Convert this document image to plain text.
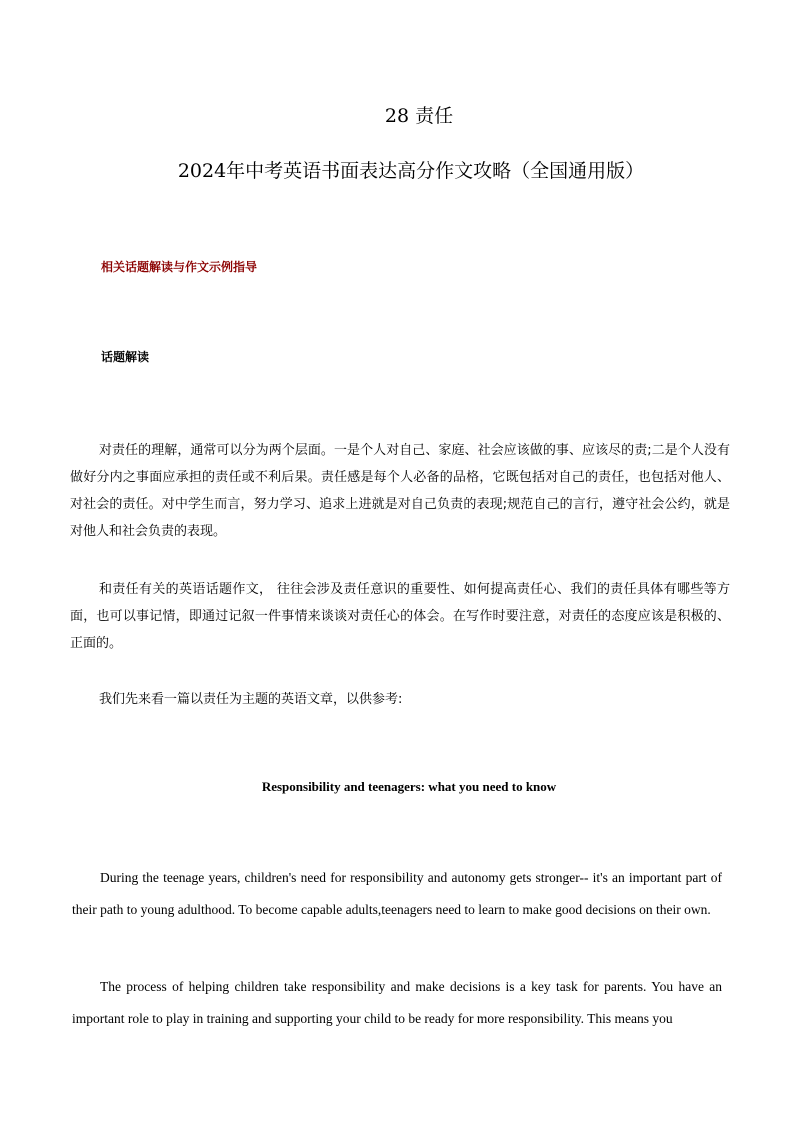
28 责任
2024年中考英语书面表达高分作文攻略（全国通用版）
相关话题解读与作文示例指导
话题解读

对责任的理解，通常可以分为两个层面。一是个人对自己、家庭、社会应该做的事、应该尽的责;二是个人没有做好分内之事面应承担的责任或不利后果。责任感是每个人必备的品格，它既包括对自己的责任，也包括对他人、对社会的责任。对中学生而言，努力学习、追求上进就是对自己负责的表现;规范自己的言行，遵守社会公约，就是对他人和社会负责的表现。

和责任有关的英语话题作文， 往往会涉及责任意识的重要性、如何提高责任心、我们的责任具体有哪些等方面，也可以事记情，即通过记叙一件事情来谈谈对责任心的体会。在写作时要注意，对责任的态度应该是积极的、正面的。

我们先来看一篇以责任为主题的英语文章，以供参考:

Responsibility and teenagers: what you need to know

During the teenage years, children's need for responsibility and autonomy gets stronger-- it's an important part of their path to young adulthood. To become capable adults,teenagers need to learn to make good decisions on their own.

The process of helping children take responsibility and make decisions is a key task for parents. You have an important role to play in training and supporting your child to be ready for more responsibility. This means you
